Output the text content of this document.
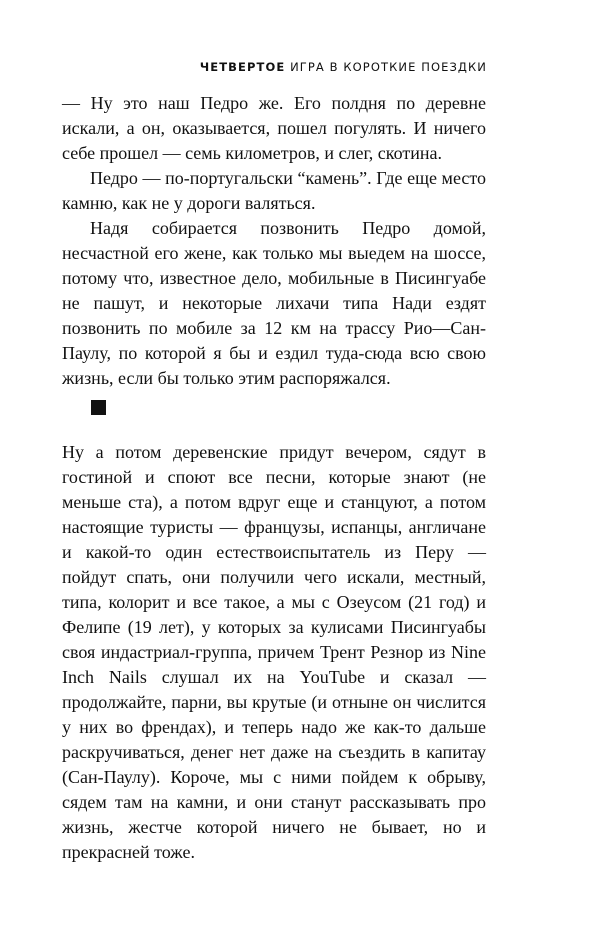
ЧЕТВЕРТОЕ ИГРА В КОРОТКИЕ ПОЕЗДКИ

— Ну это наш Педро же. Его полдня по деревне искали, а он, оказывается, пошел погулять. И ничего себе прошел — семь километров, и слег, скотина.

Педро — по-португальски “камень”. Где еще место камню, как не у дороги валяться.

Надя собирается позвонить Педро домой, несчастной его жене, как только мы выедем на шоссе, потому что, известное дело, мобильные в Писингуабе не пашут, и некоторые лихачи типа Нади ездят позвонить по мобиле за 12 км на трассу Рио—Сан-Паулу, по которой я бы и ездил туда-сюда всю свою жизнь, если бы только этим распоряжался.

Ну а потом деревенские придут вечером, сядут в гостиной и споют все песни, которые знают (не меньше ста), а потом вдруг еще и станцуют, а потом настоящие туристы — французы, испанцы, англичане и какой-то один естествоиспытатель из Перу — пойдут спать, они получили чего искали, местный, типа, колорит и все такое, а мы с Озеусом (21 год) и Фелипе (19 лет), у которых за кулисами Писингуабы своя индастриал-группа, причем Трент Резнор из Nine Inch Nails слушал их на YouTube и сказал — продолжайте, парни, вы крутые (и отныне он числится у них во френдах), и теперь надо же как-то дальше раскручиваться, денег нет даже на съездить в капитау (Сан-Паулу). Короче, мы с ними пойдем к обрыву, сядем там на камни, и они станут рассказывать про жизнь, жестче которой ничего не бывает, но и прекрасней тоже.
